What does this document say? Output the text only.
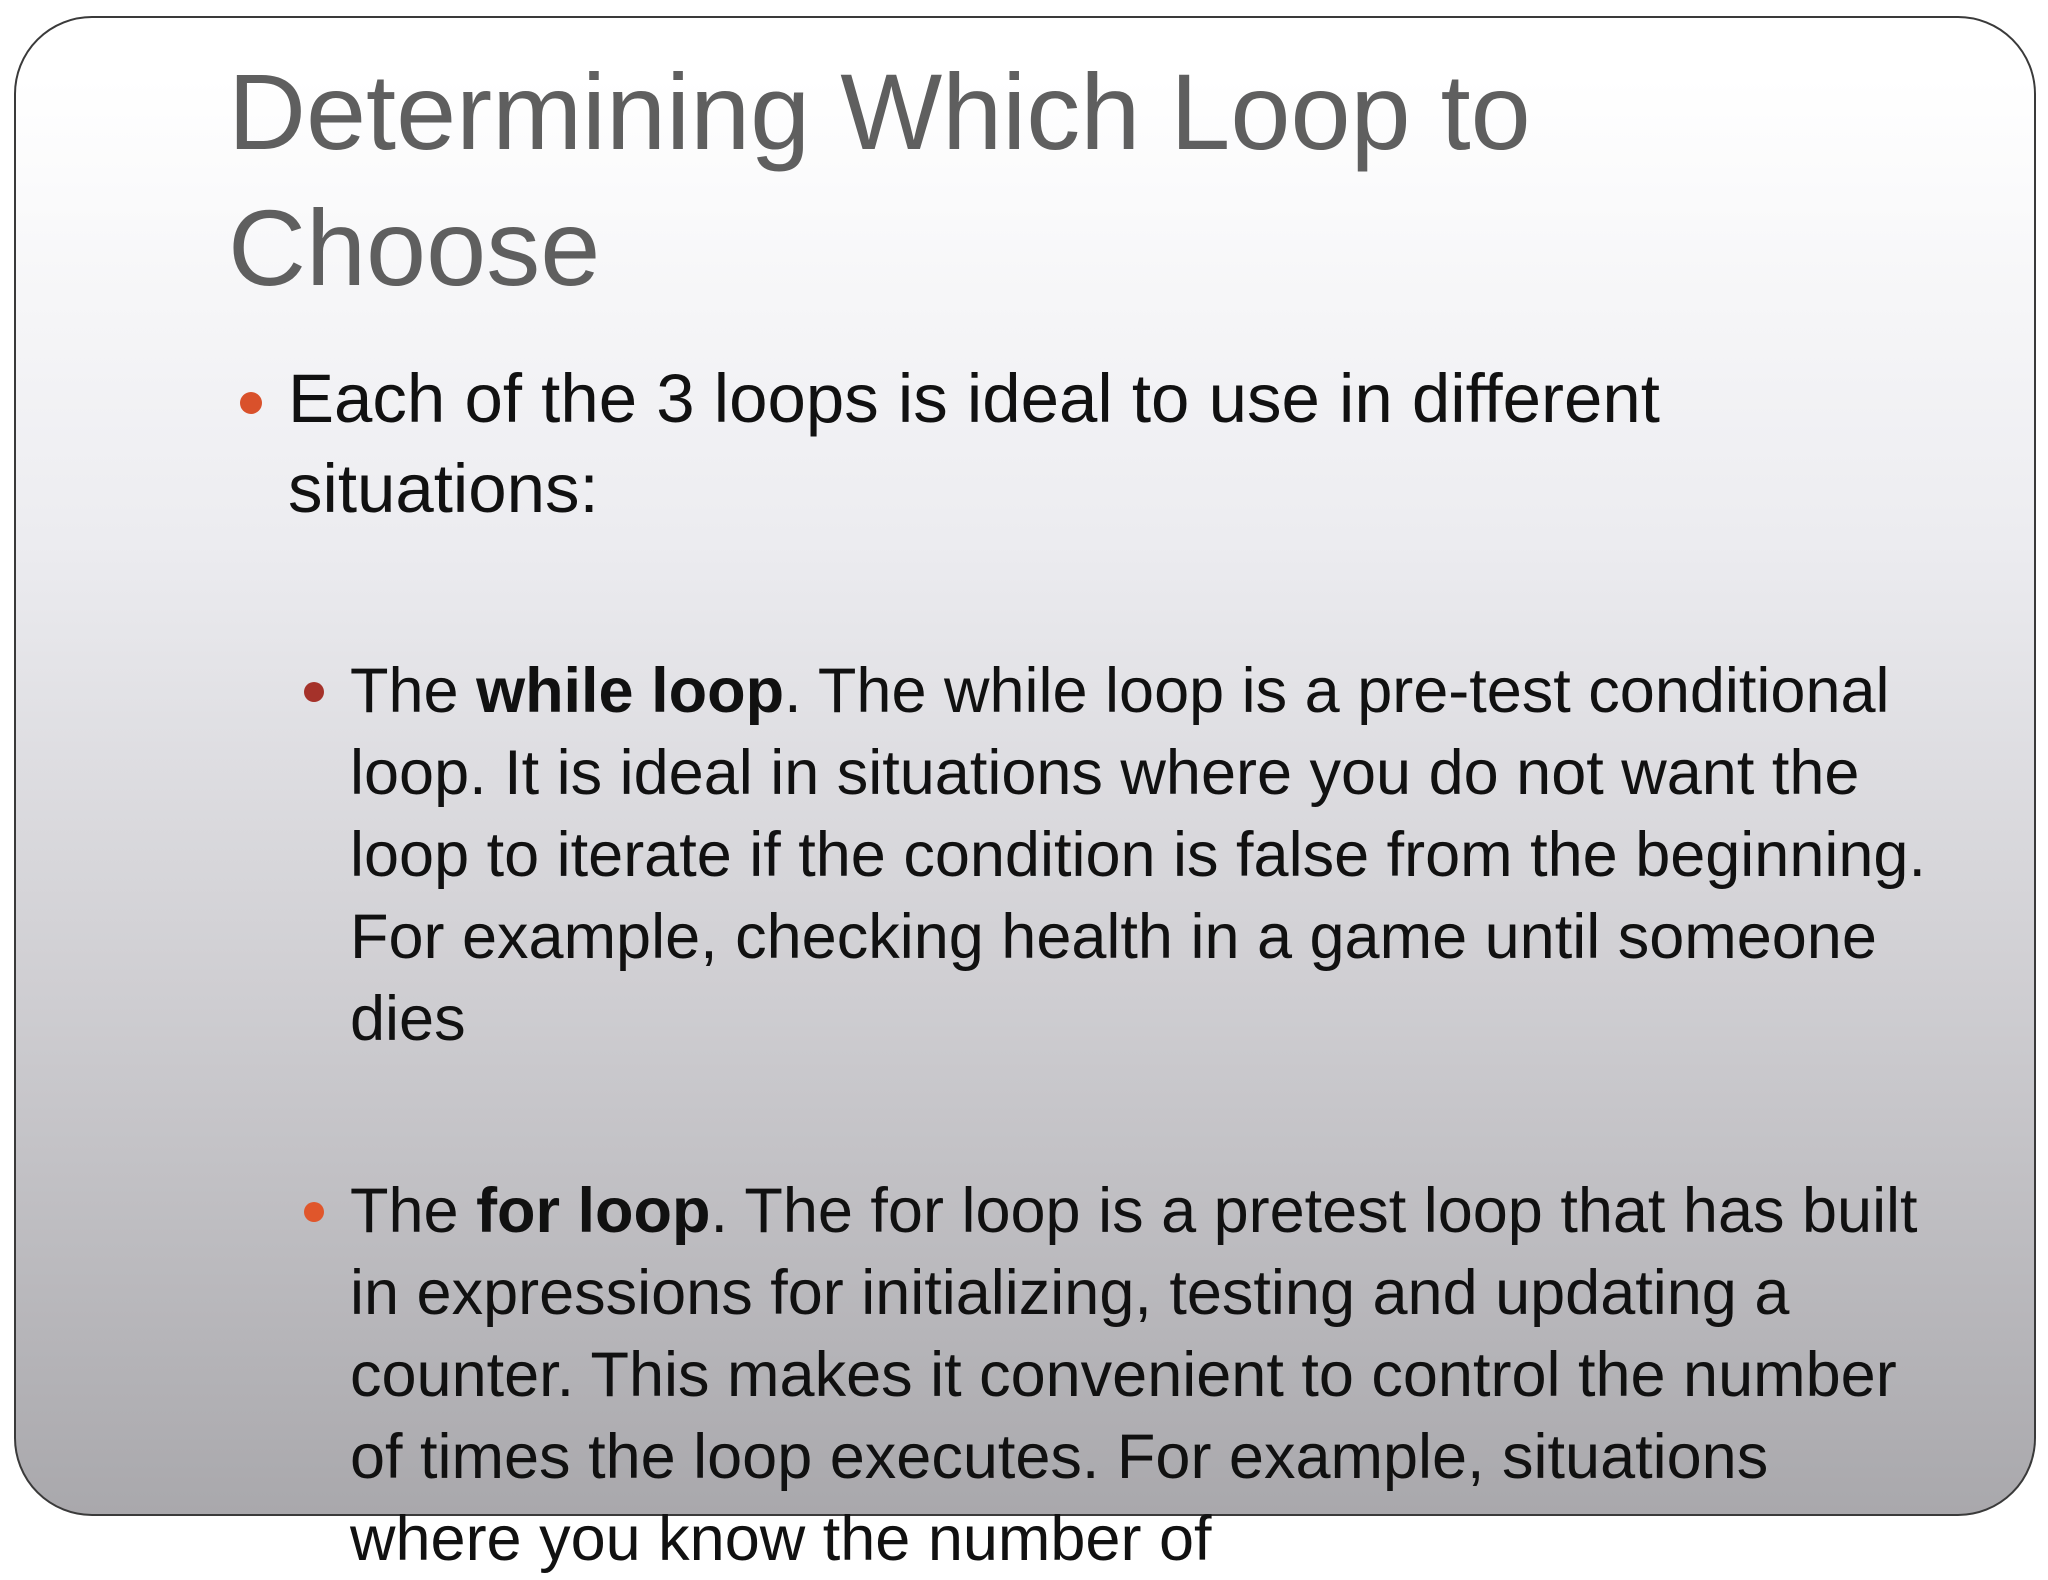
Determining Which Loop to Choose
Each of the 3 loops is ideal to use in different situations:
The while loop. The while loop is a pre-test conditional loop. It is ideal in situations where you do not want the loop to iterate if the condition is false from the beginning. For example, checking health in a game until someone dies
The for loop. The for loop is a pretest loop that has built in expressions for initializing, testing and updating a counter. This makes it convenient to control the number of times the loop executes. For example, situations where you know the number of
